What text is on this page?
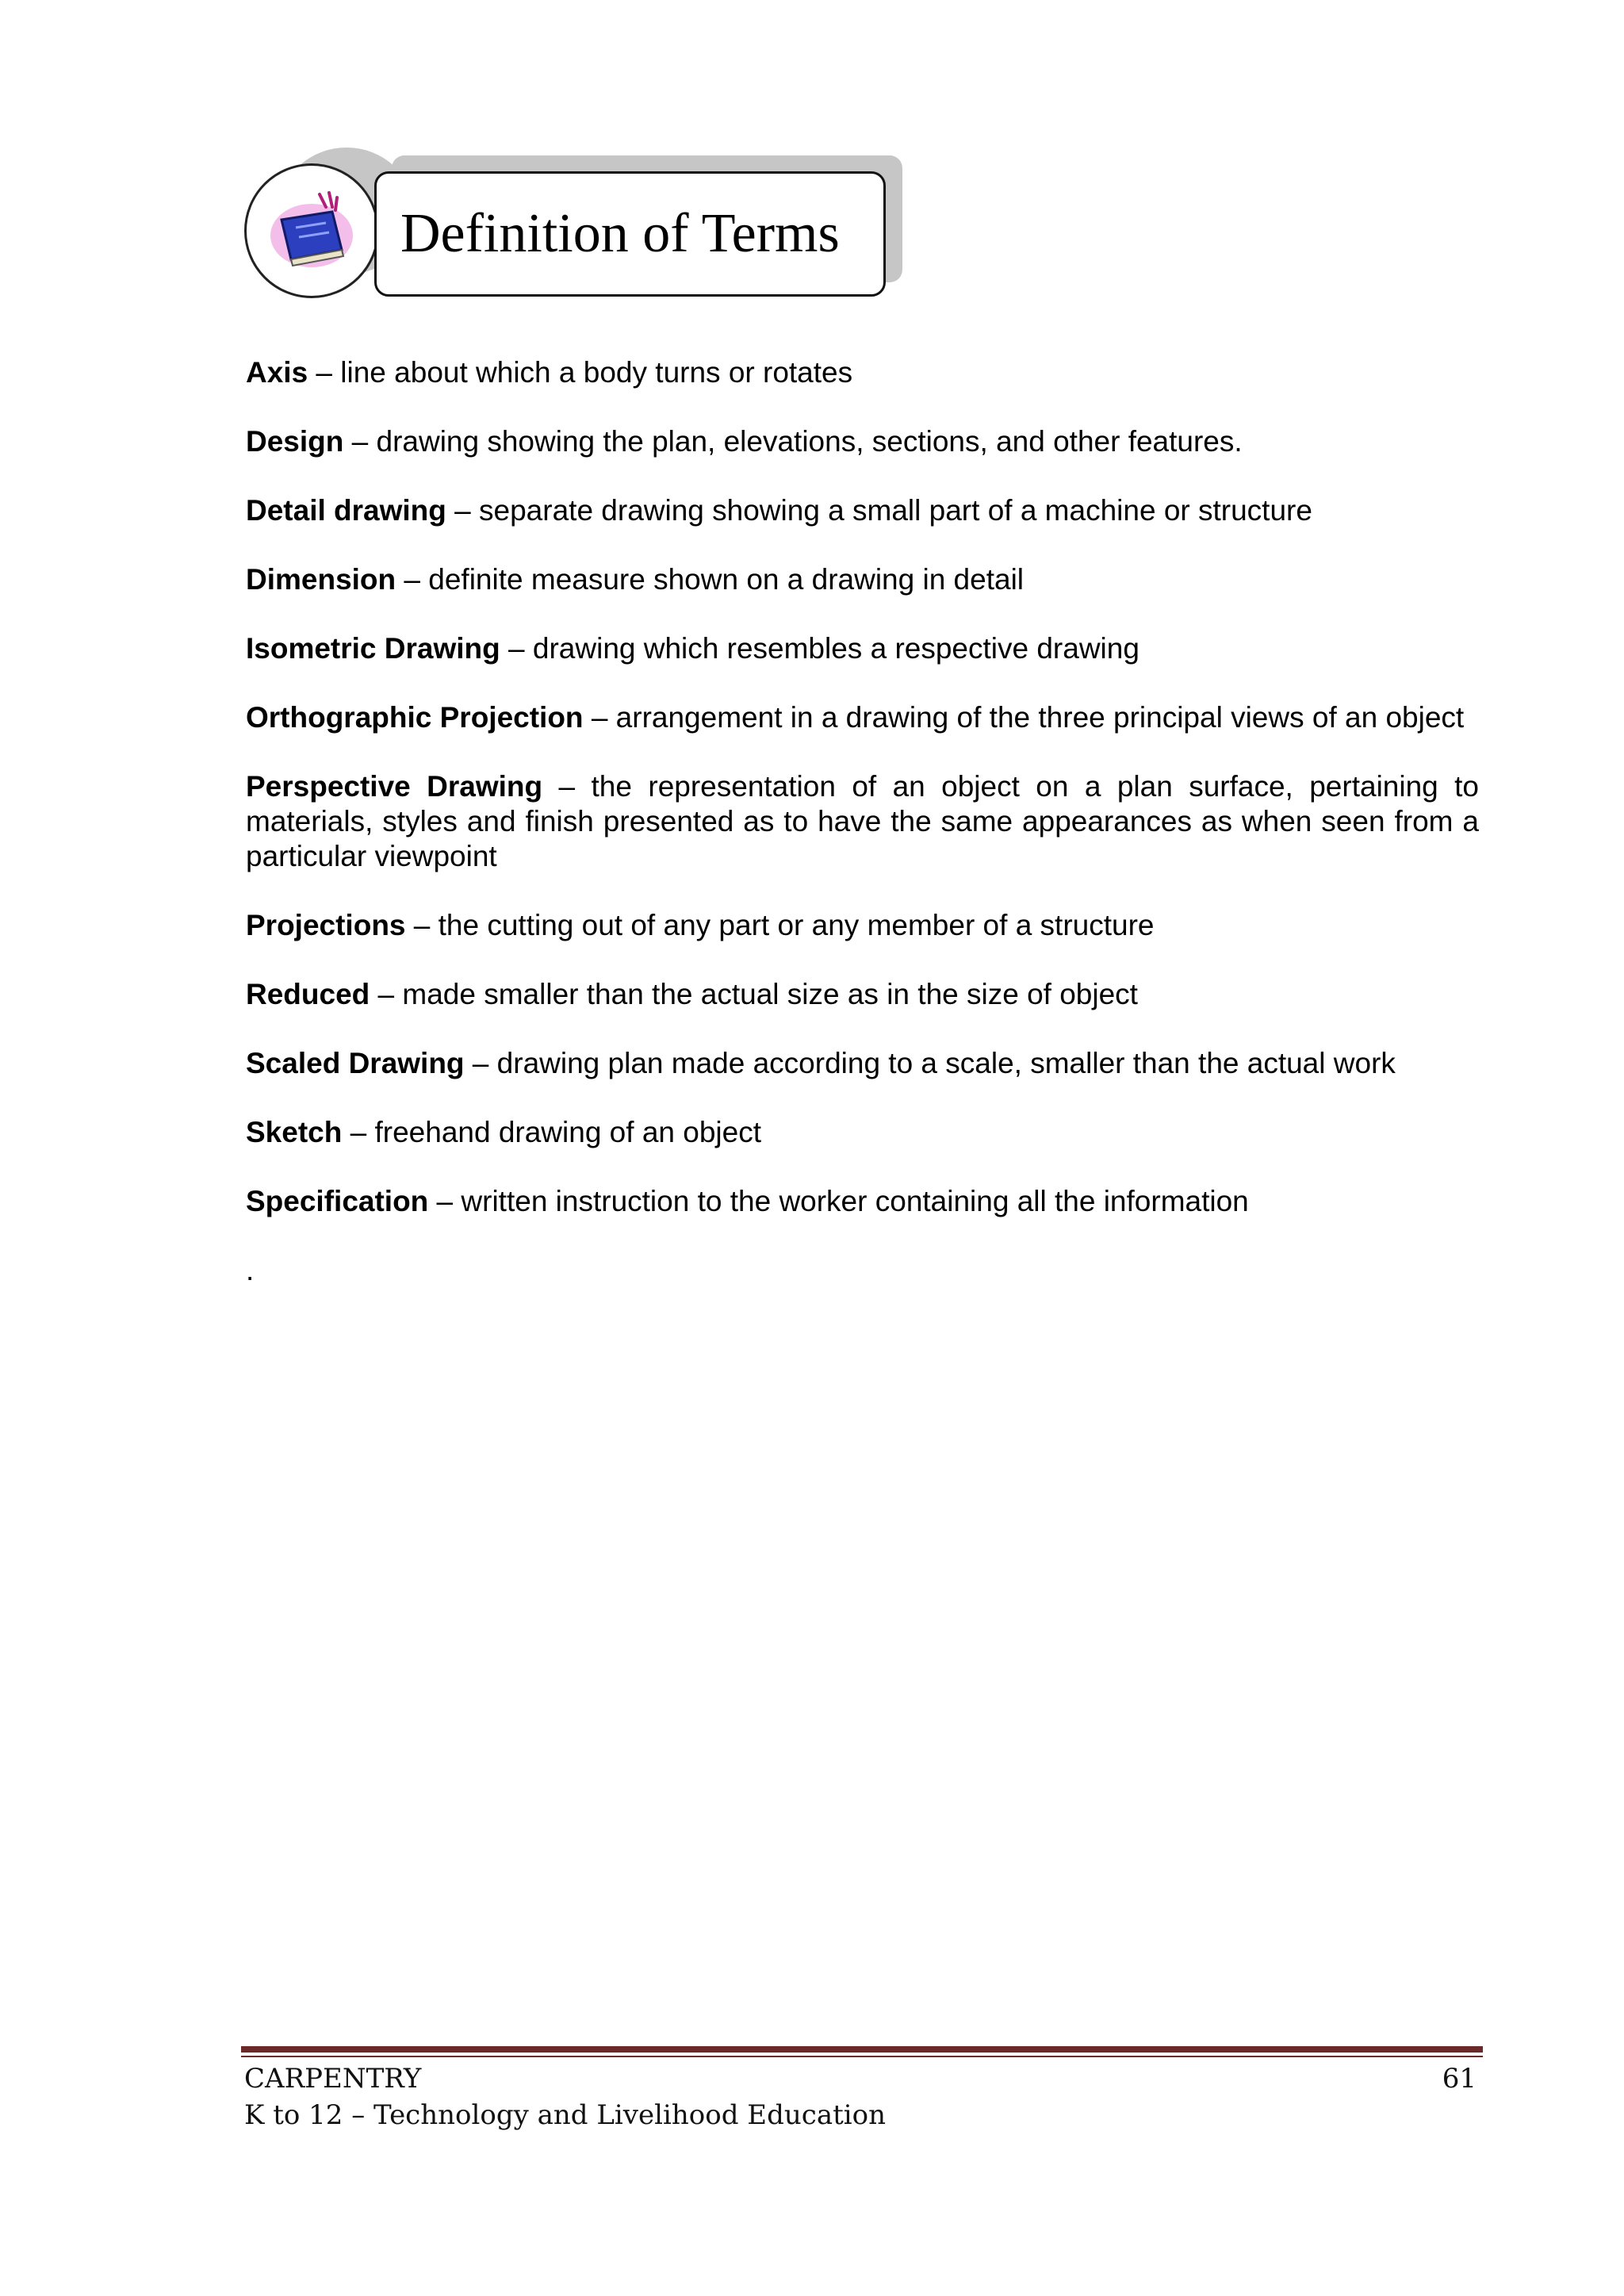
Definition of Terms

Axis – line about which a body turns or rotates

Design – drawing showing the plan, elevations, sections, and other features.

Detail drawing – separate drawing showing a small part of a machine or structure

Dimension – definite measure shown on a drawing in detail

Isometric Drawing – drawing which resembles a respective drawing

Orthographic Projection – arrangement in a drawing of the three principal views of an object

Perspective Drawing – the representation of an object on a plan surface, pertaining to materials, styles and finish presented as to have the same appearances as when seen from a particular viewpoint

Projections – the cutting out of any part or any member of a structure

Reduced – made smaller than the actual size as in the size of object

Scaled Drawing – drawing plan made according to a scale, smaller than the actual work

Sketch – freehand drawing of an object

Specification – written instruction to the worker containing all the information

.
CARPENTRY
K to 12 – Technology and Livelihood Education
61
